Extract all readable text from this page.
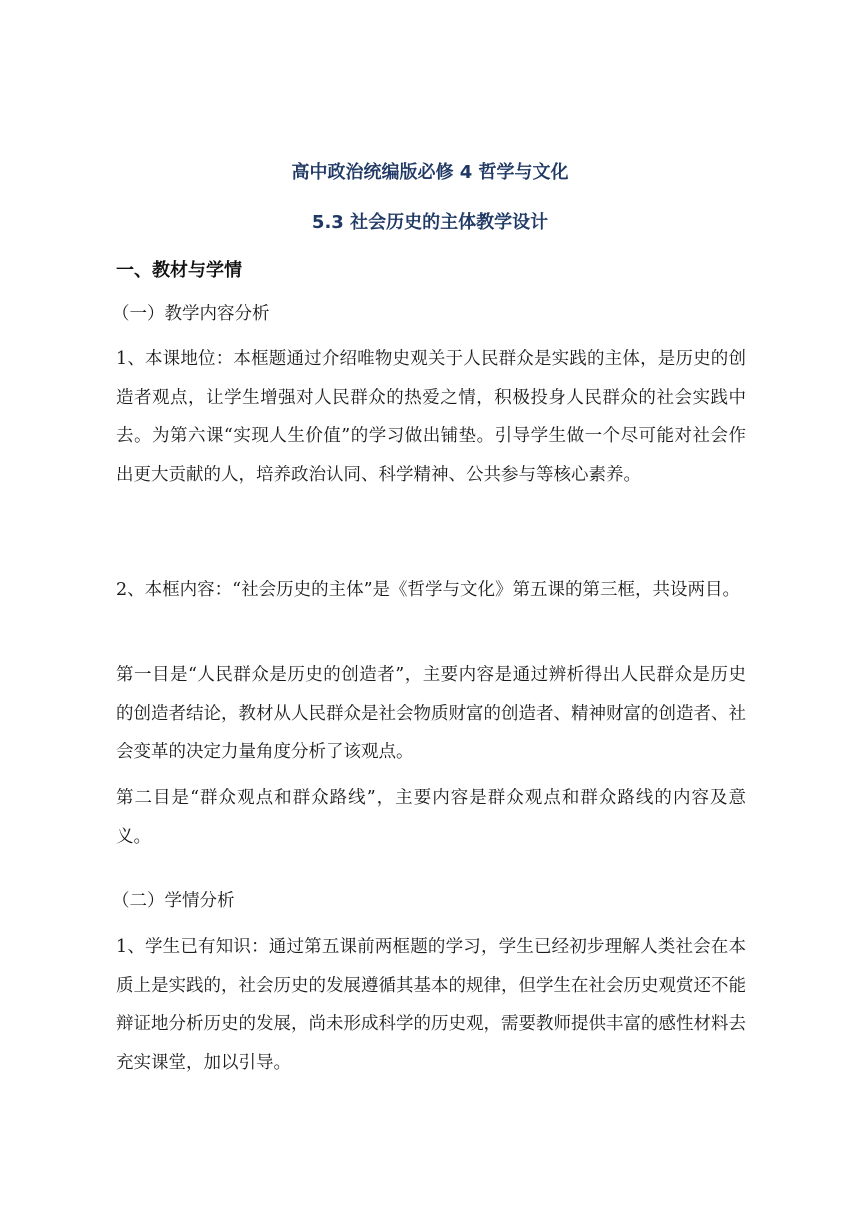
高中政治统编版必修 4 哲学与文化
5.3 社会历史的主体教学设计
一、教材与学情
（一）教学内容分析
1、本课地位：本框题通过介绍唯物史观关于人民群众是实践的主体，是历史的创造者观点，让学生增强对人民群众的热爱之情，积极投身人民群众的社会实践中去。为第六课“实现人生价值”的学习做出铺垫。引导学生做一个尽可能对社会作出更大贡献的人，培养政治认同、科学精神、公共参与等核心素养。
2、本框内容：“社会历史的主体”是《哲学与文化》第五课的第三框，共设两目。
第一目是“人民群众是历史的创造者”，主要内容是通过辨析得出人民群众是历史的创造者结论，教材从人民群众是社会物质财富的创造者、精神财富的创造者、社会变革的决定力量角度分析了该观点。
第二目是“群众观点和群众路线”，主要内容是群众观点和群众路线的内容及意义。
（二）学情分析
1、学生已有知识：通过第五课前两框题的学习，学生已经初步理解人类社会在本质上是实践的，社会历史的发展遵循其基本的规律，但学生在社会历史观赏还不能辩证地分析历史的发展，尚未形成科学的历史观，需要教师提供丰富的感性材料去充实课堂，加以引导。
